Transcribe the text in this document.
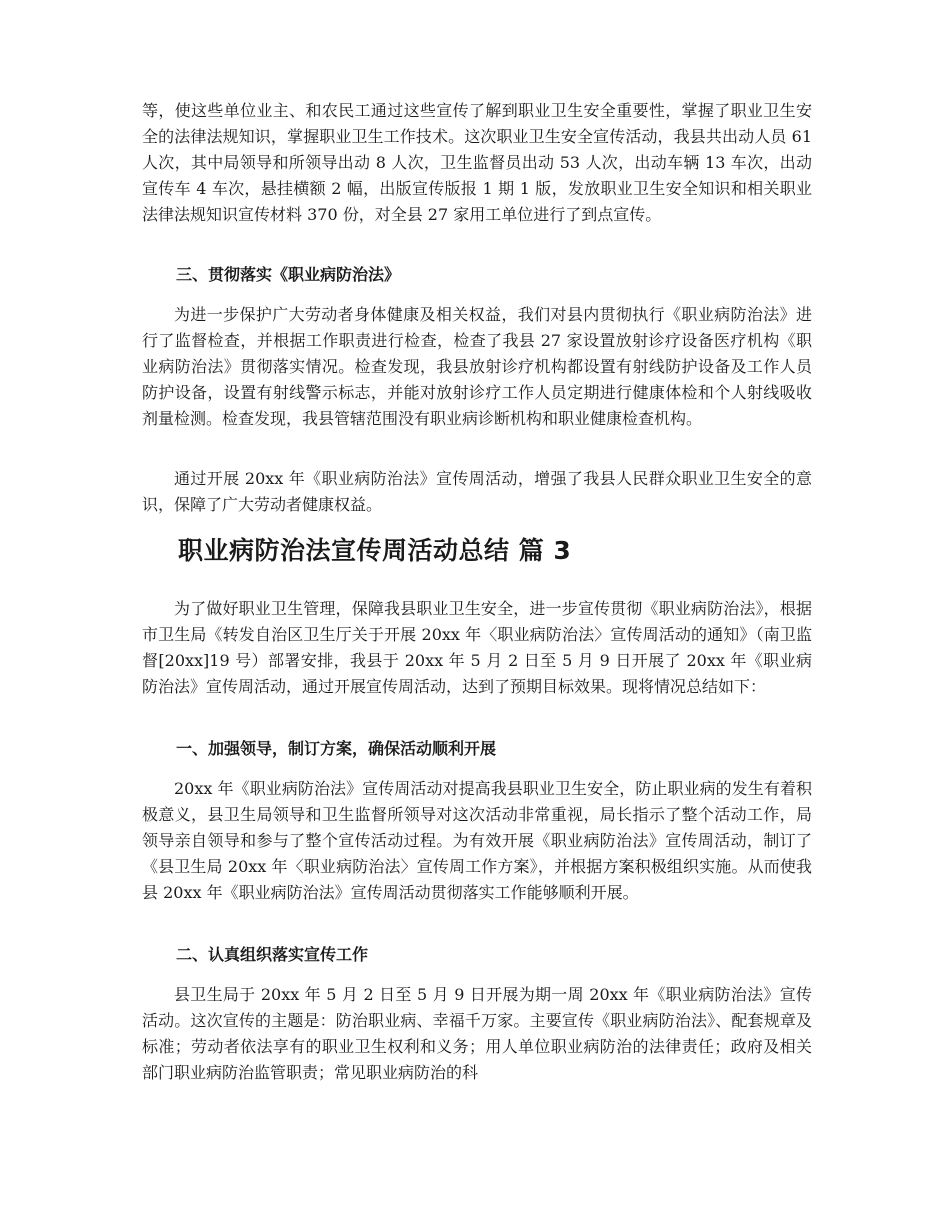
等，使这些单位业主、和农民工通过这些宣传了解到职业卫生安全重要性，掌握了职业卫生安全的法律法规知识，掌握职业卫生工作技术。这次职业卫生安全宣传活动，我县共出动人员 61 人次，其中局领导和所领导出动 8 人次，卫生监督员出动 53 人次，出动车辆 13 车次，出动宣传车 4 车次，悬挂横额 2 幅，出版宣传版报 1 期 1 版，发放职业卫生安全知识和相关职业法律法规知识宣传材料 370 份，对全县 27 家用工单位进行了到点宣传。

三、贯彻落实《职业病防治法》

为进一步保护广大劳动者身体健康及相关权益，我们对县内贯彻执行《职业病防治法》进行了监督检查，并根据工作职责进行检查，检查了我县 27 家设置放射诊疗设备医疗机构《职业病防治法》贯彻落实情况。检查发现，我县放射诊疗机构都设置有射线防护设备及工作人员防护设备，设置有射线警示标志，并能对放射诊疗工作人员定期进行健康体检和个人射线吸收剂量检测。检查发现，我县管辖范围没有职业病诊断机构和职业健康检查机构。

通过开展 20xx 年《职业病防治法》宣传周活动，增强了我县人民群众职业卫生安全的意识，保障了广大劳动者健康权益。

职业病防治法宣传周活动总结 篇 3

为了做好职业卫生管理，保障我县职业卫生安全，进一步宣传贯彻《职业病防治法》，根据市卫生局《转发自治区卫生厅关于开展 20xx 年〈职业病防治法〉宣传周活动的通知》（南卫监督[20xx]19 号）部署安排，我县于 20xx 年 5 月 2 日至 5 月 9 日开展了 20xx 年《职业病防治法》宣传周活动，通过开展宣传周活动，达到了预期目标效果。现将情况总结如下：

一、加强领导，制订方案，确保活动顺利开展

20xx 年《职业病防治法》宣传周活动对提高我县职业卫生安全，防止职业病的发生有着积极意义，县卫生局领导和卫生监督所领导对这次活动非常重视，局长指示了整个活动工作，局领导亲自领导和参与了整个宣传活动过程。为有效开展《职业病防治法》宣传周活动，制订了《县卫生局 20xx 年〈职业病防治法〉宣传周工作方案》，并根据方案积极组织实施。从而使我县 20xx 年《职业病防治法》宣传周活动贯彻落实工作能够顺利开展。

二、认真组织落实宣传工作

县卫生局于 20xx 年 5 月 2 日至 5 月 9 日开展为期一周 20xx 年《职业病防治法》宣传活动。这次宣传的主题是：防治职业病、幸福千万家。主要宣传《职业病防治法》、配套规章及标准；劳动者依法享有的职业卫生权利和义务；用人单位职业病防治的法律责任；政府及相关部门职业病防治监管职责；常见职业病防治的科
